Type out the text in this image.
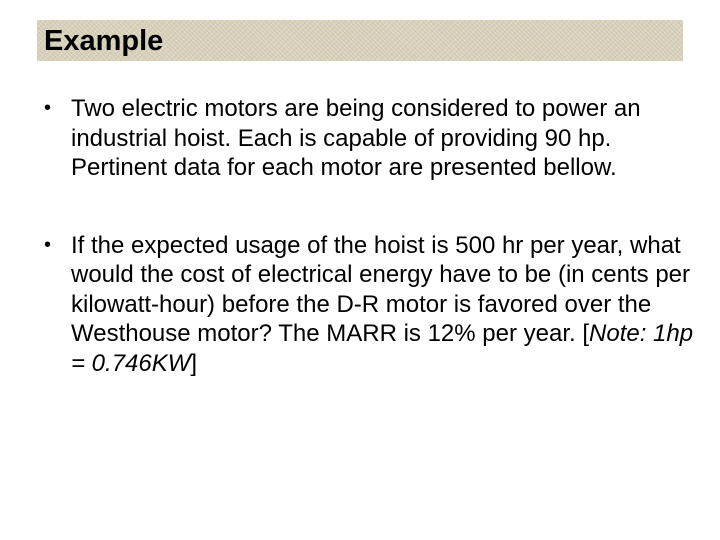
Example
• Two electric motors are being considered to power an industrial hoist. Each is capable of providing 90 hp. Pertinent data for each motor are presented bellow.
• If the expected usage of the hoist is 500 hr per year, what would the cost of electrical energy have to be (in cents per kilowatt-hour) before the D-R motor is favored over the Westhouse motor? The MARR is 12% per year. [Note: 1hp = 0.746KW]
